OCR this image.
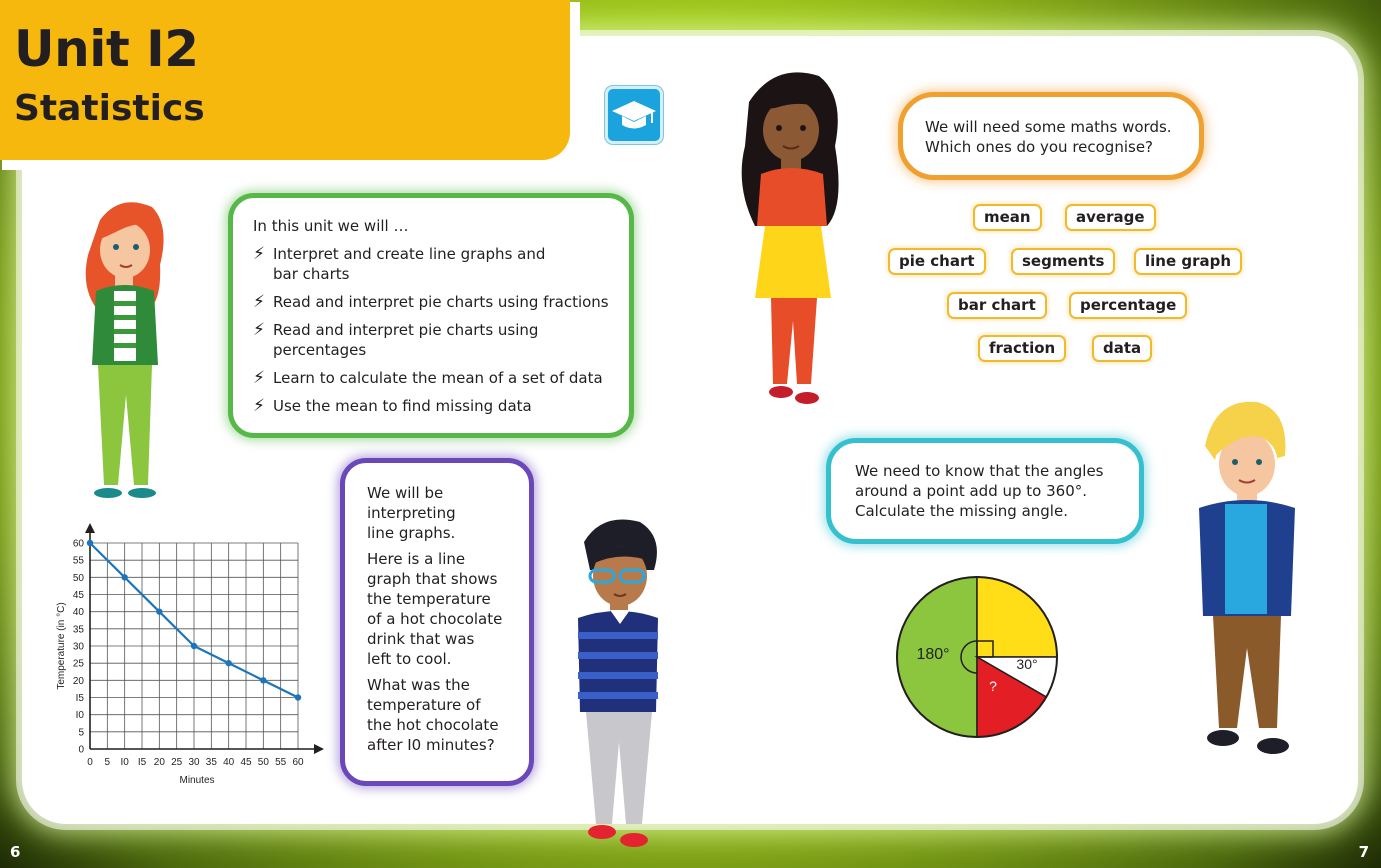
Unit I2
Statistics
In this unit we will …
⚡ Interpret and create line graphs and
bar charts
⚡ Read and interpret pie charts using fractions
⚡ Read and interpret pie charts using
percentages
⚡ Learn to calculate the mean of a set of data
⚡ Use the mean to find missing data
0 5 I0 I5 20 25 30 35 40 45 50 55 60
0
5
I0
I5
20
25
30
35
40
45
50
55
60
Minutes
Temperature (in °C)
We will be
interpreting
line graphs.
Here is a line
graph that shows
the temperature
of a hot chocolate
drink that was
left to cool.
What was the
temperature of
the hot chocolate
after I0 minutes?
We will need some maths words.
Which ones do you recognise?
mean	average
pie chart	segments	line graph
bar chart	percentage
fraction	data
We need to know that the angles
around a point add up to 360°.
Calculate the missing angle.
180°
30°
?
6	7
